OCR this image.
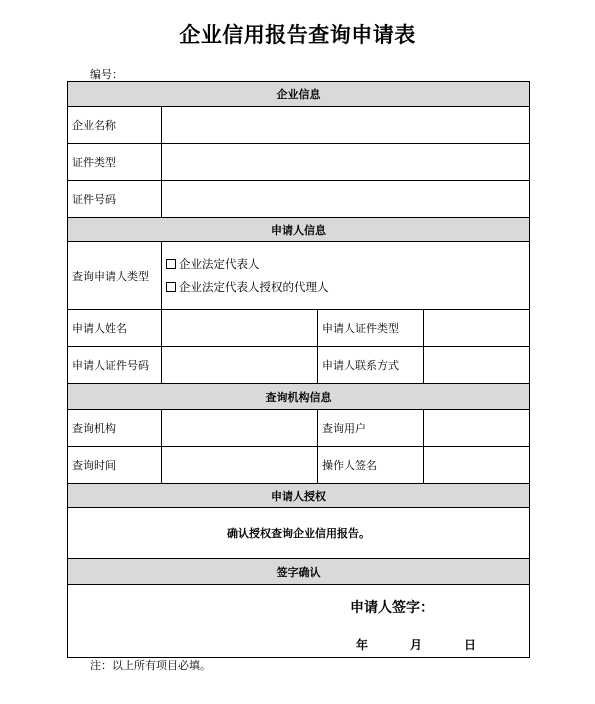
企业信用报告查询申请表
编号：
企业信息			
企业名称			
证件类型			
证件号码			
申请人信息			
查询申请人类型	企业法定代表人
企业法定代表人授权的代理人		

申请人姓名		申请人证件类型	
申请人证件号码		申请人联系方式	
查询机构信息			
查询机构		查询用户	
查询时间		操作人签名	
申请人授权			
确认授权查询企业信用报告。			
签字确认			

申请人签字：
年 月 日			
注：以上所有项目必填。
